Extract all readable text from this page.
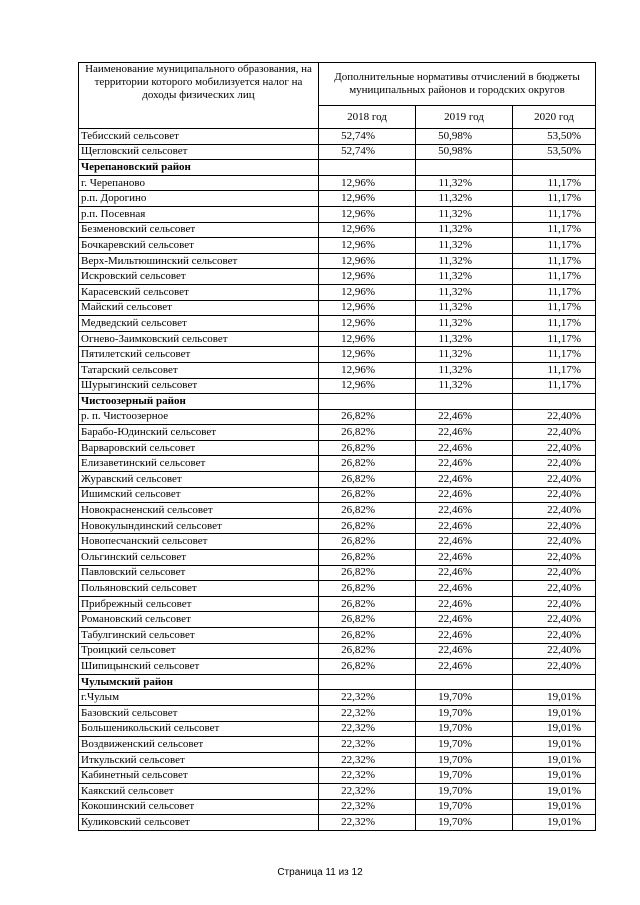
Наименование муниципального образования, на территории которого мобилизуется налог на доходы физических лиц	Дополнительные нормативы отчислений в бюджеты муниципальных районов и городских округов		
	2018 год	2019 год	2020 год
Тебисский сельсовет	52,74%	50,98%	53,50%
Щегловский сельсовет	52,74%	50,98%	53,50%
Черепановский район			
г. Черепаново	12,96%	11,32%	11,17%
р.п. Дорогино	12,96%	11,32%	11,17%
р.п. Посевная	12,96%	11,32%	11,17%
Безменовский сельсовет	12,96%	11,32%	11,17%
Бочкаревский сельсовет	12,96%	11,32%	11,17%
Верх-Мильтюшинский сельсовет	12,96%	11,32%	11,17%
Искровский сельсовет	12,96%	11,32%	11,17%
Карасевский сельсовет	12,96%	11,32%	11,17%
Майский сельсовет	12,96%	11,32%	11,17%
Медведский сельсовет	12,96%	11,32%	11,17%
Огнево-Заимковский сельсовет	12,96%	11,32%	11,17%
Пятилетский сельсовет	12,96%	11,32%	11,17%
Татарский сельсовет	12,96%	11,32%	11,17%
Шурыгинский сельсовет	12,96%	11,32%	11,17%
Чистоозерный район			
р. п. Чистоозерное	26,82%	22,46%	22,40%
Барабо-Юдинский сельсовет	26,82%	22,46%	22,40%
Варваровский сельсовет	26,82%	22,46%	22,40%
Елизаветинский сельсовет	26,82%	22,46%	22,40%
Журавский сельсовет	26,82%	22,46%	22,40%
Ишимский сельсовет	26,82%	22,46%	22,40%
Новокрасненский сельсовет	26,82%	22,46%	22,40%
Новокулындинский сельсовет	26,82%	22,46%	22,40%
Новопесчанский сельсовет	26,82%	22,46%	22,40%
Ольгинский сельсовет	26,82%	22,46%	22,40%
Павловский сельсовет	26,82%	22,46%	22,40%
Польяновский сельсовет	26,82%	22,46%	22,40%
Прибрежный сельсовет	26,82%	22,46%	22,40%
Романовский сельсовет	26,82%	22,46%	22,40%
Табулгинский сельсовет	26,82%	22,46%	22,40%
Троицкий сельсовет	26,82%	22,46%	22,40%
Шипицынский сельсовет	26,82%	22,46%	22,40%
Чулымский район			
г.Чулым	22,32%	19,70%	19,01%
Базовский сельсовет	22,32%	19,70%	19,01%
Большеникольский сельсовет	22,32%	19,70%	19,01%
Воздвиженский сельсовет	22,32%	19,70%	19,01%
Иткульский сельсовет	22,32%	19,70%	19,01%
Кабинетный сельсовет	22,32%	19,70%	19,01%
Каякский сельсовет	22,32%	19,70%	19,01%
Кокошинский сельсовет	22,32%	19,70%	19,01%
Куликовский сельсовет	22,32%	19,70%	19,01%
Страница 11 из 12
